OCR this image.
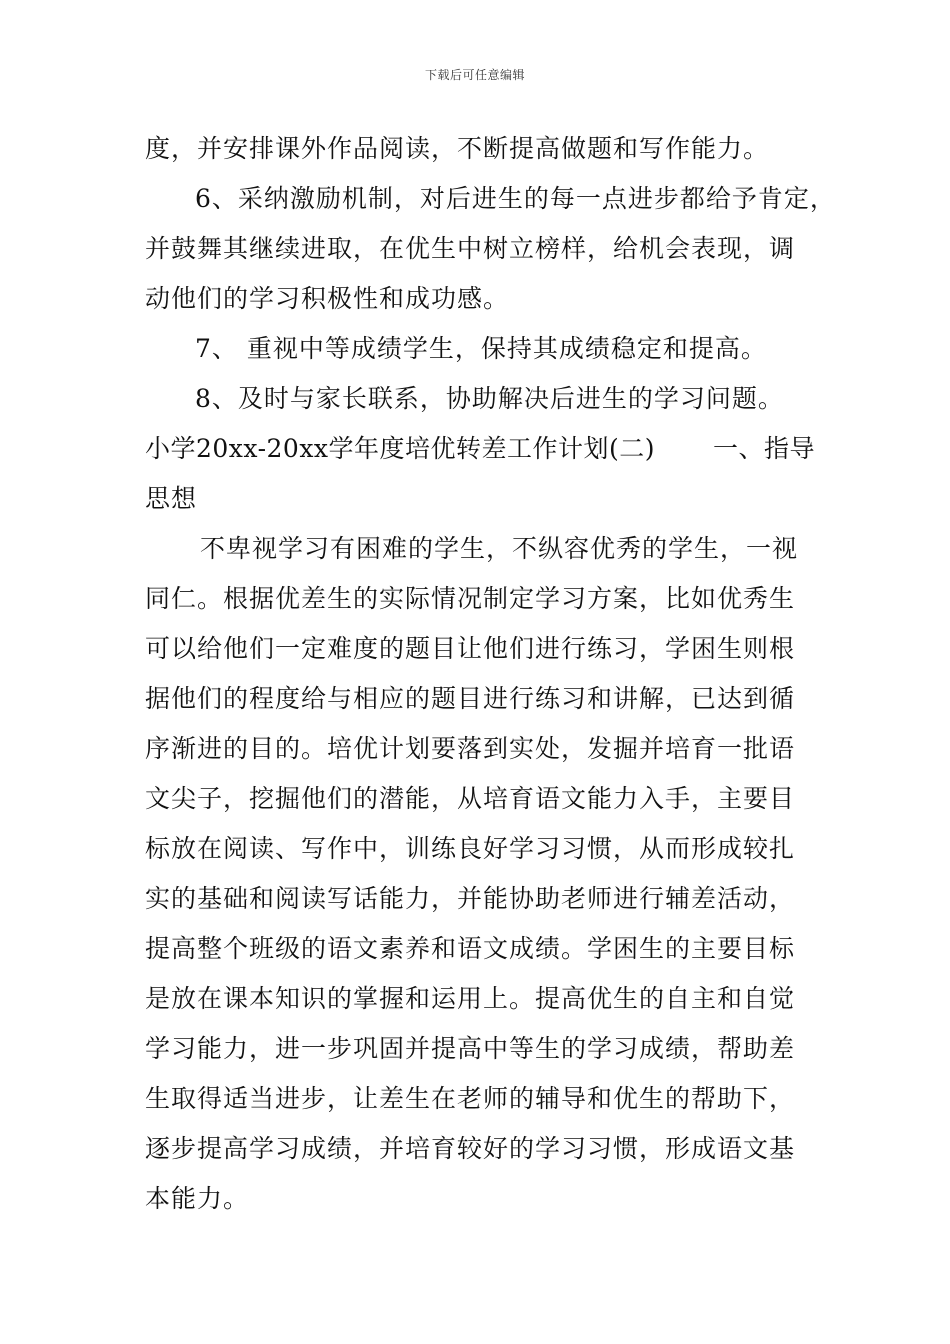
下载后可任意编辑
度，并安排课外作品阅读，不断提高做题和写作能力。
6、采纳激励机制，对后进生的每一点进步都给予肯定，
并鼓舞其继续进取，在优生中树立榜样，给机会表现，调
动他们的学习积极性和成功感。
7、 重视中等成绩学生，保持其成绩稳定和提高。
8、及时与家长联系，协助解决后进生的学习问题。
小学20xx-20xx学年度培优转差工作计划(二) 一、指导
思想
不卑视学习有困难的学生，不纵容优秀的学生，一视
同仁。根据优差生的实际情况制定学习方案，比如优秀生
可以给他们一定难度的题目让他们进行练习，学困生则根
据他们的程度给与相应的题目进行练习和讲解，已达到循
序渐进的目的。培优计划要落到实处，发掘并培育一批语
文尖子，挖掘他们的潜能，从培育语文能力入手，主要目
标放在阅读、写作中，训练良好学习习惯，从而形成较扎
实的基础和阅读写话能力，并能协助老师进行辅差活动，
提高整个班级的语文素养和语文成绩。学困生的主要目标
是放在课本知识的掌握和运用上。提高优生的自主和自觉
学习能力，进一步巩固并提高中等生的学习成绩，帮助差
生取得适当进步，让差生在老师的辅导和优生的帮助下，
逐步提高学习成绩，并培育较好的学习习惯，形成语文基
本能力。
